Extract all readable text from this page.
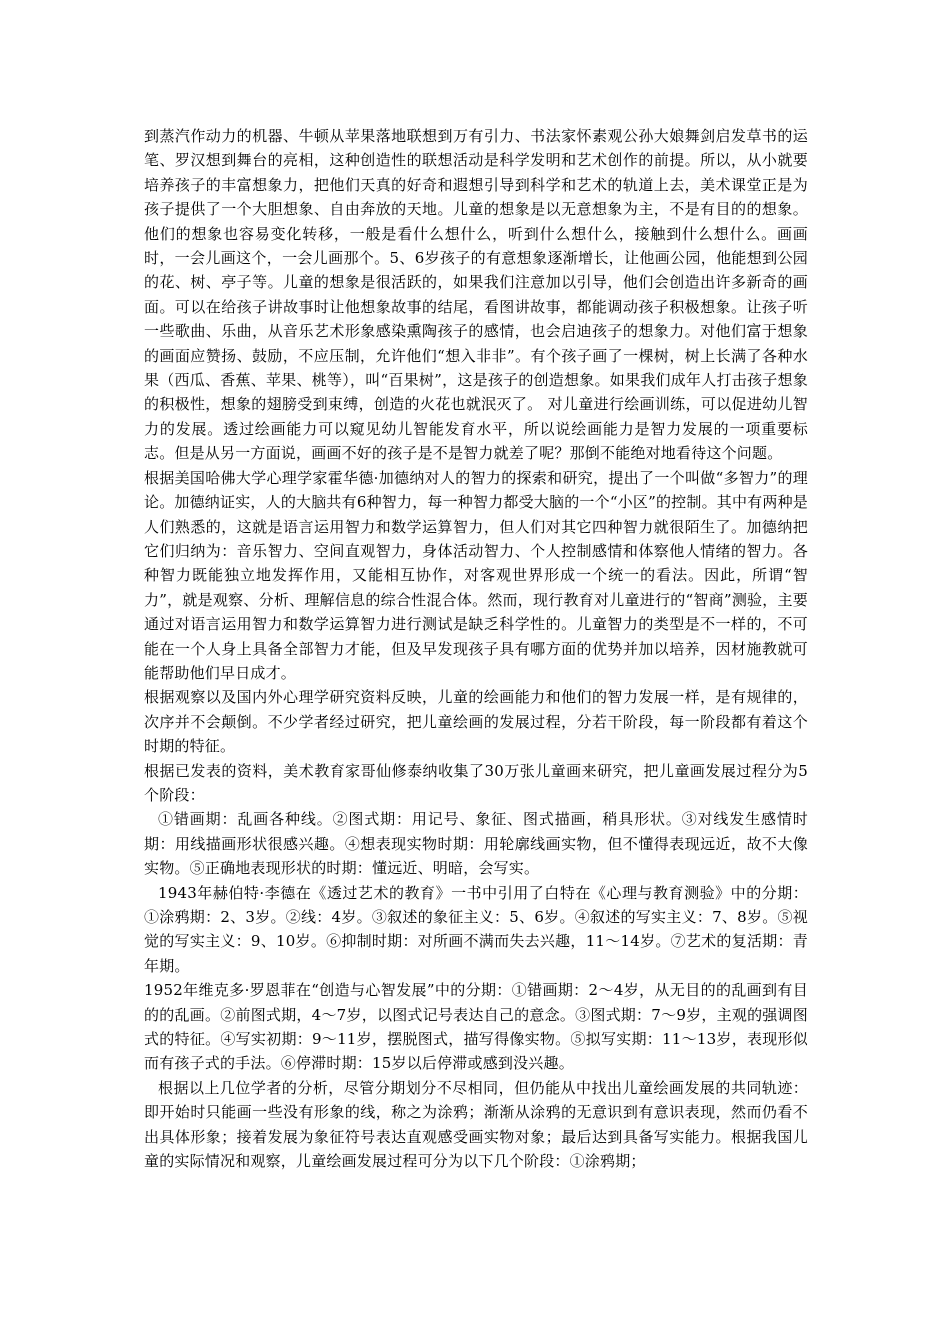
到蒸汽作动力的机器、牛顿从苹果落地联想到万有引力、书法家怀素观公孙大娘舞剑启发草书的运笔、罗汉想到舞台的亮相，这种创造性的联想活动是科学发明和艺术创作的前提。所以，从小就要培养孩子的丰富想象力，把他们天真的好奇和遐想引导到科学和艺术的轨道上去，美术课堂正是为孩子提供了一个大胆想象、自由奔放的天地。儿童的想象是以无意想象为主，不是有目的的想象。他们的想象也容易变化转移，一般是看什么想什么，听到什么想什么，接触到什么想什么。画画时，一会儿画这个，一会儿画那个。5、6岁孩子的有意想象逐渐增长，让他画公园，他能想到公园的花、树、亭子等。儿童的想象是很活跃的，如果我们注意加以引导，他们会创造出许多新奇的画面。可以在给孩子讲故事时让他想象故事的结尾，看图讲故事，都能调动孩子积极想象。让孩子听一些歌曲、乐曲，从音乐艺术形象感染熏陶孩子的感情，也会启迪孩子的想象力。对他们富于想象的画面应赞扬、鼓励，不应压制，允许他们“想入非非”。有个孩子画了一棵树，树上长满了各种水果（西瓜、香蕉、苹果、桃等），叫“百果树”，这是孩子的创造想象。如果我们成年人打击孩子想象的积极性，想象的翅膀受到束缚，创造的火花也就泯灭了。 对儿童进行绘画训练，可以促进幼儿智力的发展。透过绘画能力可以窥见幼儿智能发育水平，所以说绘画能力是智力发展的一项重要标志。但是从另一方面说，画画不好的孩子是不是智力就差了呢？那倒不能绝对地看待这个问题。

根据美国哈佛大学心理学家霍华德·加德纳对人的智力的探索和研究，提出了一个叫做“多智力”的理论。加德纳证实，人的大脑共有6种智力，每一种智力都受大脑的一个“小区”的控制。其中有两种是人们熟悉的，这就是语言运用智力和数学运算智力，但人们对其它四种智力就很陌生了。加德纳把它们归纳为：音乐智力、空间直观智力，身体活动智力、个人控制感情和体察他人情绪的智力。各种智力既能独立地发挥作用，又能相互协作，对客观世界形成一个统一的看法。因此，所谓“智力”，就是观察、分析、理解信息的综合性混合体。然而，现行教育对儿童进行的“智商”测验，主要通过对语言运用智力和数学运算智力进行测试是缺乏科学性的。儿童智力的类型是不一样的，不可能在一个人身上具备全部智力才能，但及早发现孩子具有哪方面的优势并加以培养，因材施教就可能帮助他们早日成才。

根据观察以及国内外心理学研究资料反映，儿童的绘画能力和他们的智力发展一样，是有规律的，次序并不会颠倒。不少学者经过研究，把儿童绘画的发展过程，分若干阶段，每一阶段都有着这个时期的特征。

根据已发表的资料，美术教育家哥仙修泰纳收集了30万张儿童画来研究，把儿童画发展过程分为5个阶段：

①错画期：乱画各种线。②图式期：用记号、象征、图式描画，稍具形状。③对线发生感情时期：用线描画形状很感兴趣。④想表现实物时期：用轮廓线画实物，但不懂得表现远近，故不大像实物。⑤正确地表现形状的时期：懂远近、明暗，会写实。

1943年赫伯特·李德在《透过艺术的教育》一书中引用了白特在《心理与教育测验》中的分期：①涂鸦期：2、3岁。②线：4岁。③叙述的象征主义：5、6岁。④叙述的写实主义：7、8岁。⑤视觉的写实主义：9、10岁。⑥抑制时期：对所画不满而失去兴趣，11～14岁。⑦艺术的复活期：青年期。

1952年维克多·罗恩菲在“创造与心智发展”中的分期：①错画期：2～4岁，从无目的的乱画到有目的的乱画。②前图式期，4～7岁，以图式记号表达自己的意念。③图式期：7～9岁，主观的强调图式的特征。④写实初期：9～11岁，摆脱图式，描写得像实物。⑤拟写实期：11～13岁，表现形似而有孩子式的手法。⑥停滞时期：15岁以后停滞或感到没兴趣。

根据以上几位学者的分析，尽管分期划分不尽相同，但仍能从中找出儿童绘画发展的共同轨迹：即开始时只能画一些没有形象的线，称之为涂鸦；渐渐从涂鸦的无意识到有意识表现，然而仍看不出具体形象；接着发展为象征符号表达直观感受画实物对象；最后达到具备写实能力。根据我国儿童的实际情况和观察，儿童绘画发展过程可分为以下几个阶段：①涂鸦期；
